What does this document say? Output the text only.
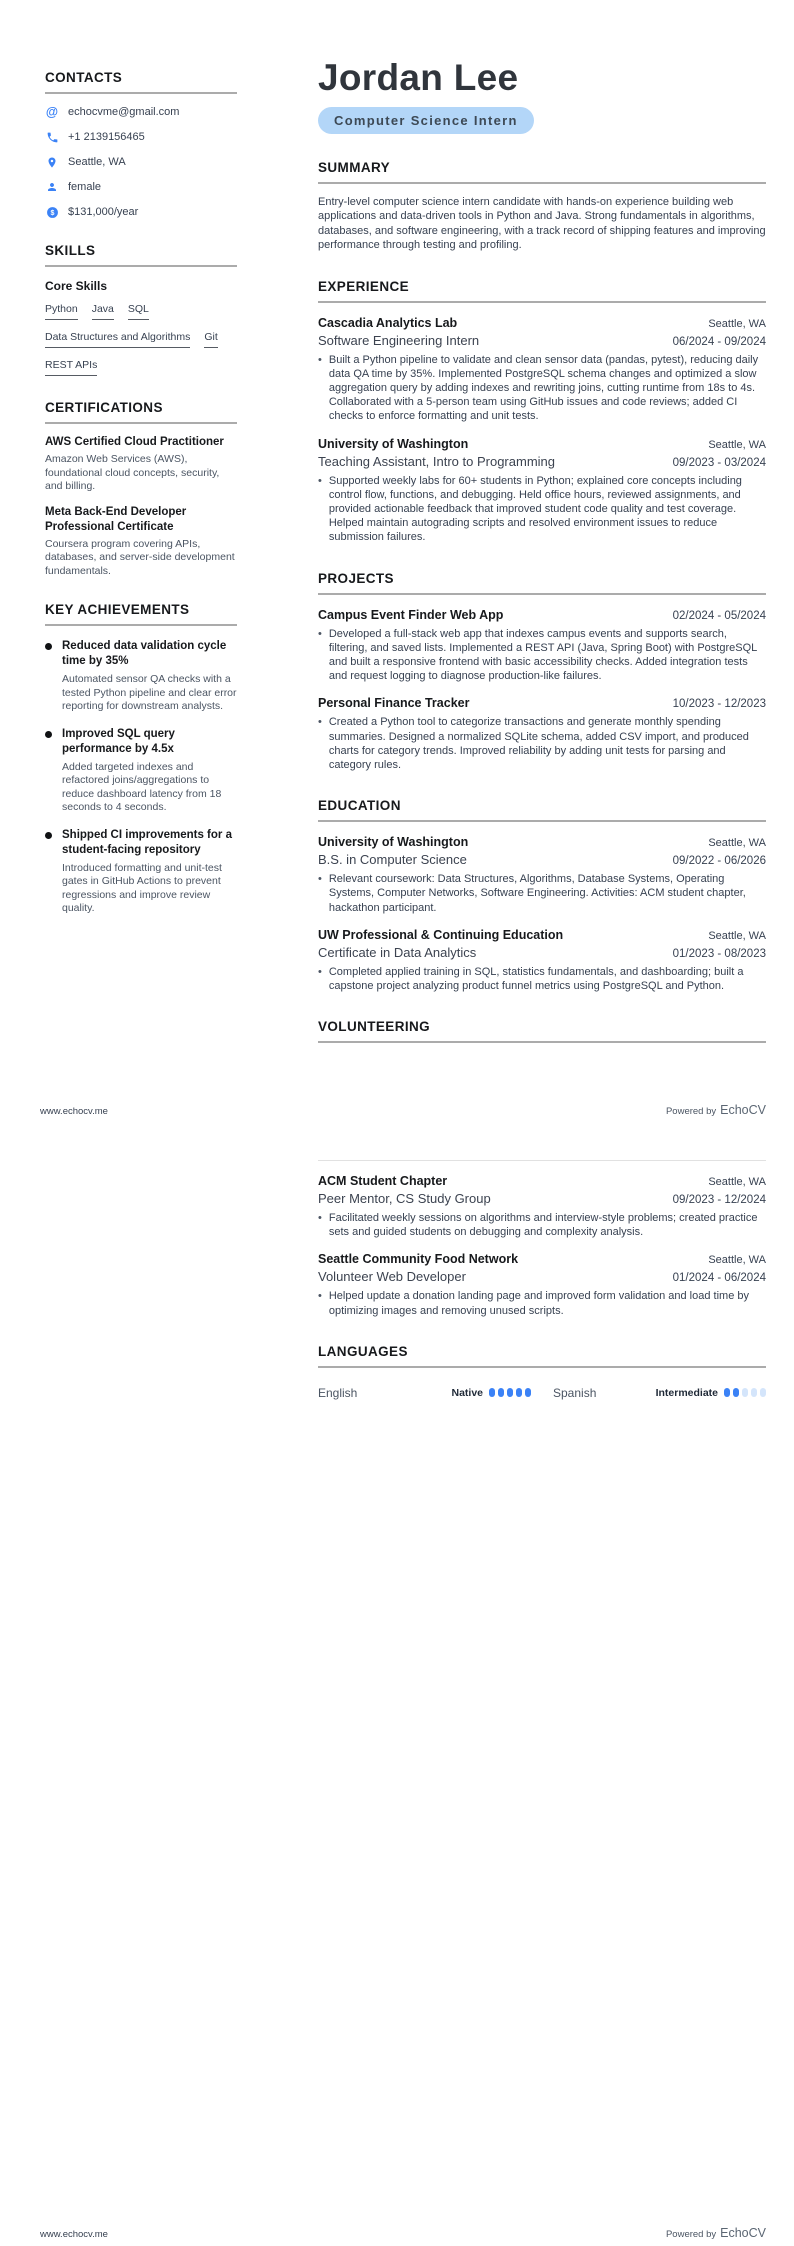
CONTACTS
@ echocvme@gmail.com
+1 2139156465
Seattle, WA
female
$ $131,000/year
SKILLS
Core Skills
Python Java SQL
Data Structures and Algorithms Git
REST APIs
CERTIFICATIONS
AWS Certified Cloud Practitioner
Amazon Web Services (AWS), foundational cloud concepts, security, and billing.
Meta Back-End Developer Professional Certificate
Coursera program covering APIs, databases, and server-side development fundamentals.
KEY ACHIEVEMENTS
Reduced data validation cycle time by 35%
Automated sensor QA checks with a tested Python pipeline and clear error reporting for downstream analysts.
Improved SQL query performance by 4.5x
Added targeted indexes and refactored joins/aggregations to reduce dashboard latency from 18 seconds to 4 seconds.
Shipped CI improvements for a student-facing repository
Introduced formatting and unit-test gates in GitHub Actions to prevent regressions and improve review quality.
Jordan Lee
Computer Science Intern
SUMMARY
Entry-level computer science intern candidate with hands-on experience building web applications and data-driven tools in Python and Java. Strong fundamentals in algorithms, databases, and software engineering, with a track record of shipping features and improving performance through testing and profiling.
EXPERIENCE
Cascadia Analytics Lab	Seattle, WA
Software Engineering Intern	06/2024 - 09/2024
• Built a Python pipeline to validate and clean sensor data (pandas, pytest), reducing daily data QA time by 35%. Implemented PostgreSQL schema changes and optimized a slow aggregation query by adding indexes and rewriting joins, cutting runtime from 18s to 4s. Collaborated with a 5-person team using GitHub issues and code reviews; added CI checks to enforce formatting and unit tests.
University of Washington	Seattle, WA
Teaching Assistant, Intro to Programming	09/2023 - 03/2024
• Supported weekly labs for 60+ students in Python; explained core concepts including control flow, functions, and debugging. Held office hours, reviewed assignments, and provided actionable feedback that improved student code quality and test coverage. Helped maintain autograding scripts and resolved environment issues to reduce submission failures.
PROJECTS
Campus Event Finder Web App	02/2024 - 05/2024
• Developed a full-stack web app that indexes campus events and supports search, filtering, and saved lists. Implemented a REST API (Java, Spring Boot) with PostgreSQL and built a responsive frontend with basic accessibility checks. Added integration tests and request logging to diagnose production-like failures.
Personal Finance Tracker	10/2023 - 12/2023
• Created a Python tool to categorize transactions and generate monthly spending summaries. Designed a normalized SQLite schema, added CSV import, and produced charts for category trends. Improved reliability by adding unit tests for parsing and category rules.
EDUCATION
University of Washington	Seattle, WA
B.S. in Computer Science	09/2022 - 06/2026
• Relevant coursework: Data Structures, Algorithms, Database Systems, Operating Systems, Computer Networks, Software Engineering. Activities: ACM student chapter, hackathon participant.
UW Professional & Continuing Education	Seattle, WA
Certificate in Data Analytics	01/2023 - 08/2023
• Completed applied training in SQL, statistics fundamentals, and dashboarding; built a capstone project analyzing product funnel metrics using PostgreSQL and Python.
VOLUNTEERING
www.echocv.me	Powered by EchoCV
ACM Student Chapter	Seattle, WA
Peer Mentor, CS Study Group	09/2023 - 12/2024
• Facilitated weekly sessions on algorithms and interview-style problems; created practice sets and guided students on debugging and complexity analysis.
Seattle Community Food Network	Seattle, WA
Volunteer Web Developer	01/2024 - 06/2024
• Helped update a donation landing page and improved form validation and load time by optimizing images and removing unused scripts.
LANGUAGES
English	Native	Spanish	Intermediate
www.echocv.me	Powered by EchoCV
